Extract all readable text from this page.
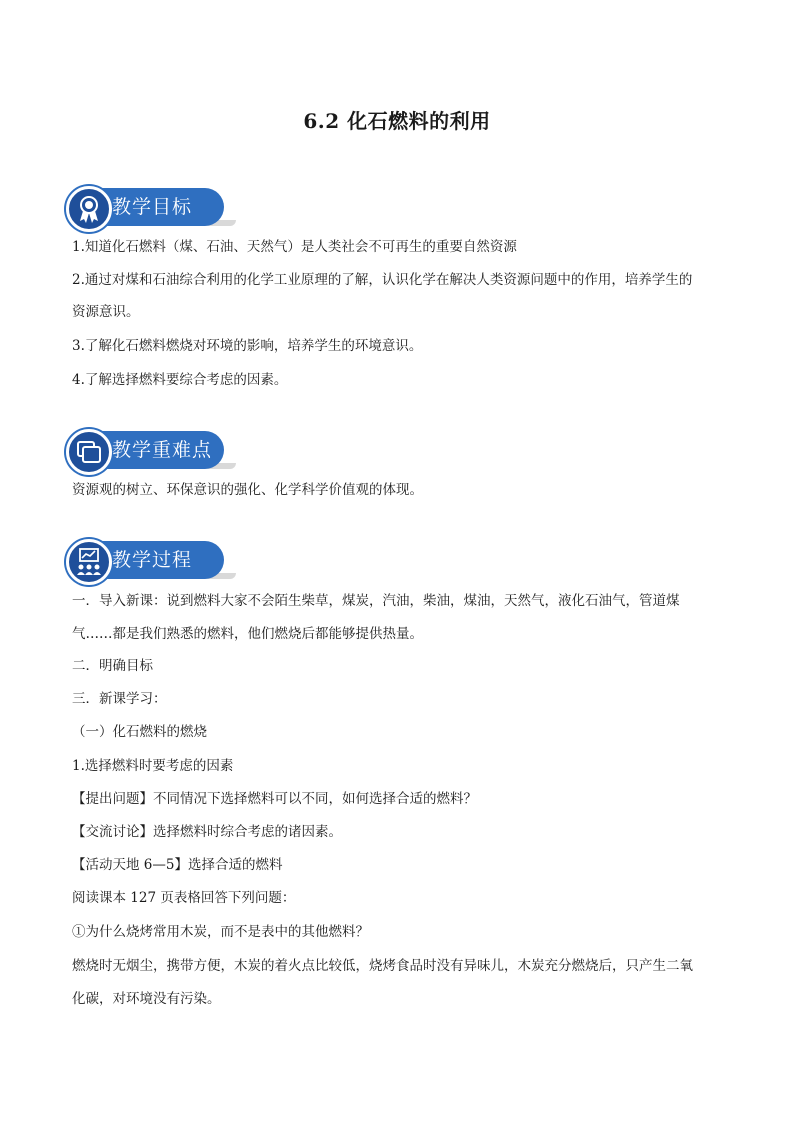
6.2 化石燃料的利用
教学目标
1.知道化石燃料（煤、石油、天然气）是人类社会不可再生的重要自然资源
2.通过对煤和石油综合利用的化学工业原理的了解，认识化学在解决人类资源问题中的作用，培养学生的
资源意识。
3.了解化石燃料燃烧对环境的影响，培养学生的环境意识。
4.了解选择燃料要综合考虑的因素。
教学重难点
资源观的树立、环保意识的强化、化学科学价值观的体现。
教学过程
一．导入新课：说到燃料大家不会陌生柴草，煤炭，汽油，柴油，煤油，天然气，液化石油气，管道煤
气……都是我们熟悉的燃料，他们燃烧后都能够提供热量。
二．明确目标
三．新课学习：
（一）化石燃料的燃烧
1.选择燃料时要考虑的因素
【提出问题】不同情况下选择燃料可以不同，如何选择合适的燃料？
【交流讨论】选择燃料时综合考虑的诸因素。
【活动天地 6—5】选择合适的燃料
阅读课本 127 页表格回答下列问题：
①为什么烧烤常用木炭，而不是表中的其他燃料？
燃烧时无烟尘，携带方便，木炭的着火点比较低，烧烤食品时没有异味儿，木炭充分燃烧后，只产生二氧
化碳，对环境没有污染。
